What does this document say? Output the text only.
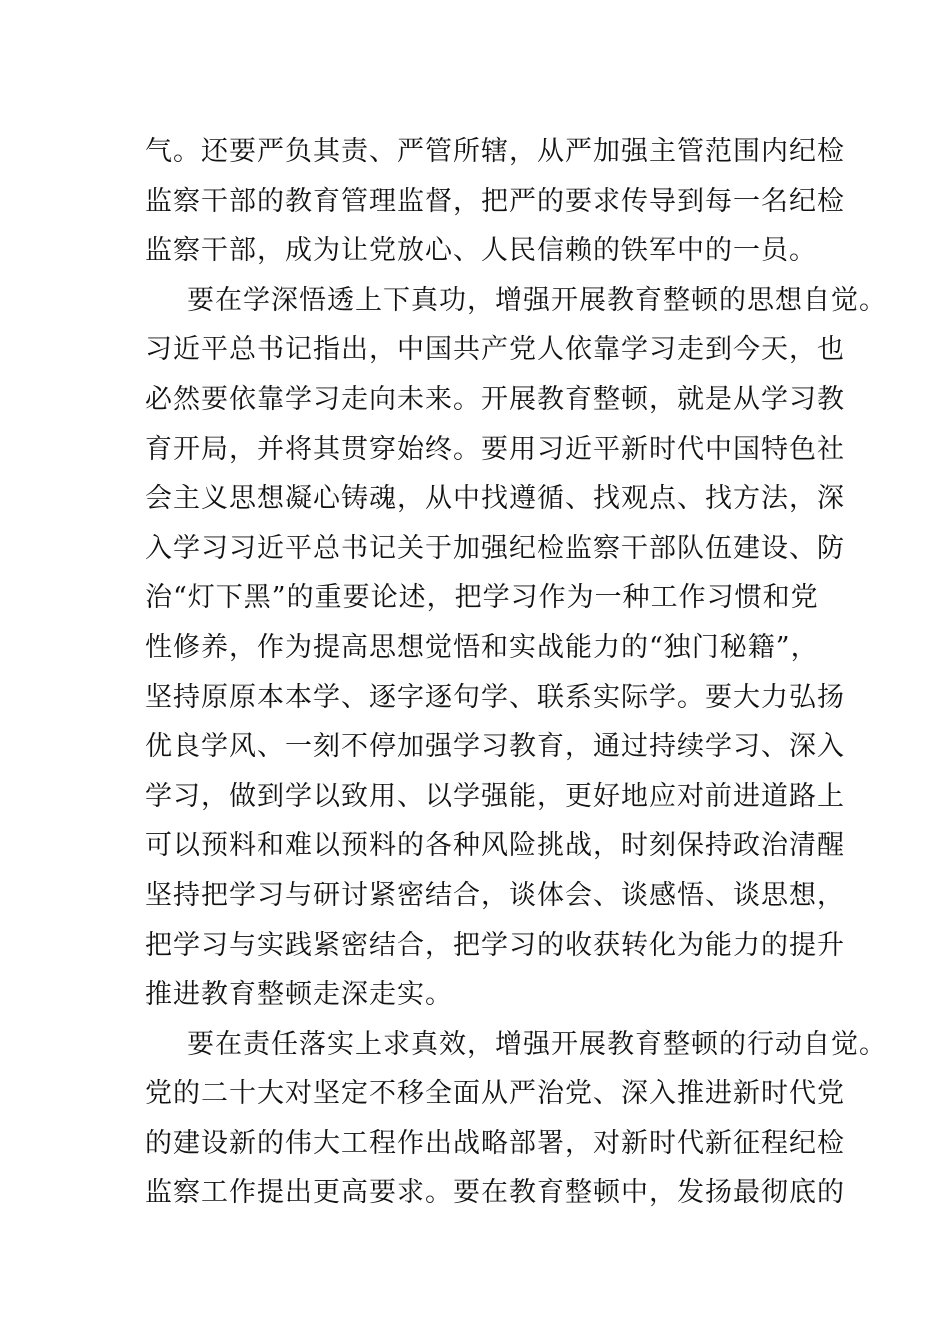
气。还要严负其责、严管所辖，从严加强主管范围内纪检
监察干部的教育管理监督，把严的要求传导到每一名纪检
监察干部，成为让党放心、人民信赖的铁军中的一员。
要在学深悟透上下真功，增强开展教育整顿的思想自觉。
习近平总书记指出，中国共产党人依靠学习走到今天，也
必然要依靠学习走向未来。开展教育整顿，就是从学习教
育开局，并将其贯穿始终。要用习近平新时代中国特色社
会主义思想凝心铸魂，从中找遵循、找观点、找方法，深
入学习习近平总书记关于加强纪检监察干部队伍建设、防
治“灯下黑”的重要论述，把学习作为一种工作习惯和党
性修养，作为提高思想觉悟和实战能力的“独门秘籍”，
坚持原原本本学、逐字逐句学、联系实际学。要大力弘扬
优良学风、一刻不停加强学习教育，通过持续学习、深入
学习，做到学以致用、以学强能，更好地应对前进道路上
可以预料和难以预料的各种风险挑战，时刻保持政治清醒
坚持把学习与研讨紧密结合，谈体会、谈感悟、谈思想，
把学习与实践紧密结合，把学习的收获转化为能力的提升
推进教育整顿走深走实。
要在责任落实上求真效，增强开展教育整顿的行动自觉。
党的二十大对坚定不移全面从严治党、深入推进新时代党
的建设新的伟大工程作出战略部署，对新时代新征程纪检
监察工作提出更高要求。要在教育整顿中，发扬最彻底的
